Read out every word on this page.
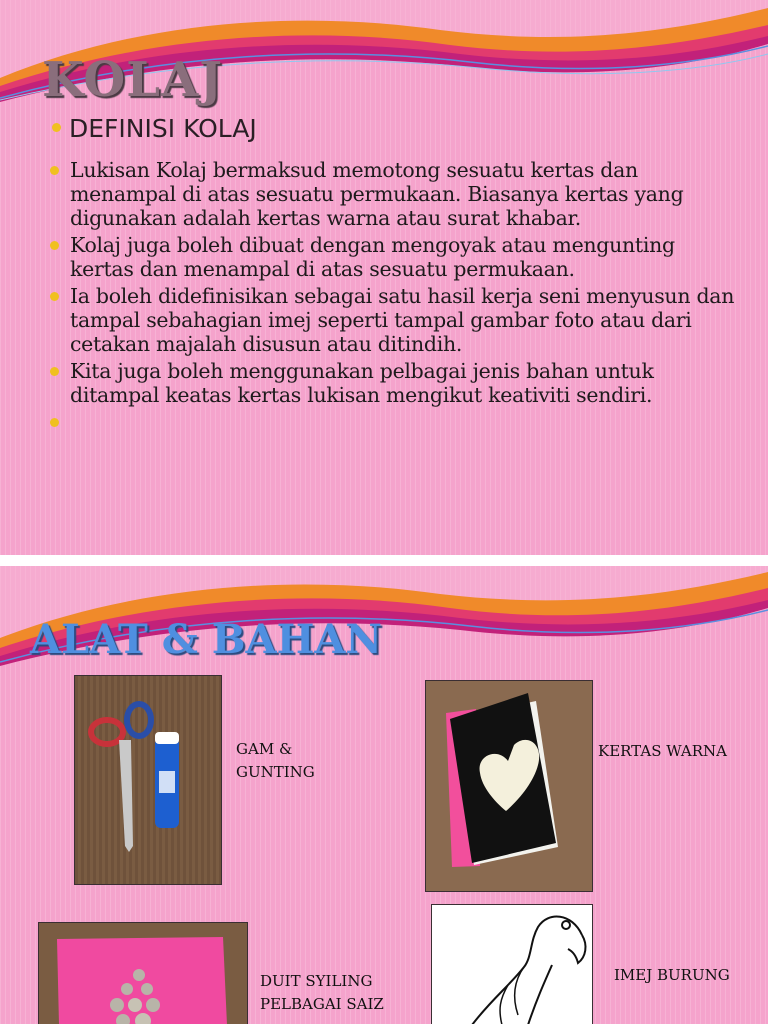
KOLAJ

DEFINISI KOLAJ

Lukisan Kolaj bermaksud memotong sesuatu kertas dan menampal di atas sesuatu permukaan. Biasanya kertas yang digunakan adalah kertas warna atau surat khabar.
Kolaj juga boleh dibuat dengan mengoyak atau mengunting kertas dan menampal di atas sesuatu permukaan.
Ia boleh didefinisikan sebagai satu hasil kerja seni menyusun dan tampal sebahagian imej seperti tampal gambar foto atau dari cetakan majalah disusun atau ditindih.
Kita juga boleh menggunakan pelbagai jenis bahan untuk ditampal keatas kertas lukisan mengikut keativiti sendiri.
ALAT & BAHAN

GAM &
GUNTING

KERTAS WARNA

DUIT SYILING
PELBAGAI SAIZ

IMEJ BURUNG
